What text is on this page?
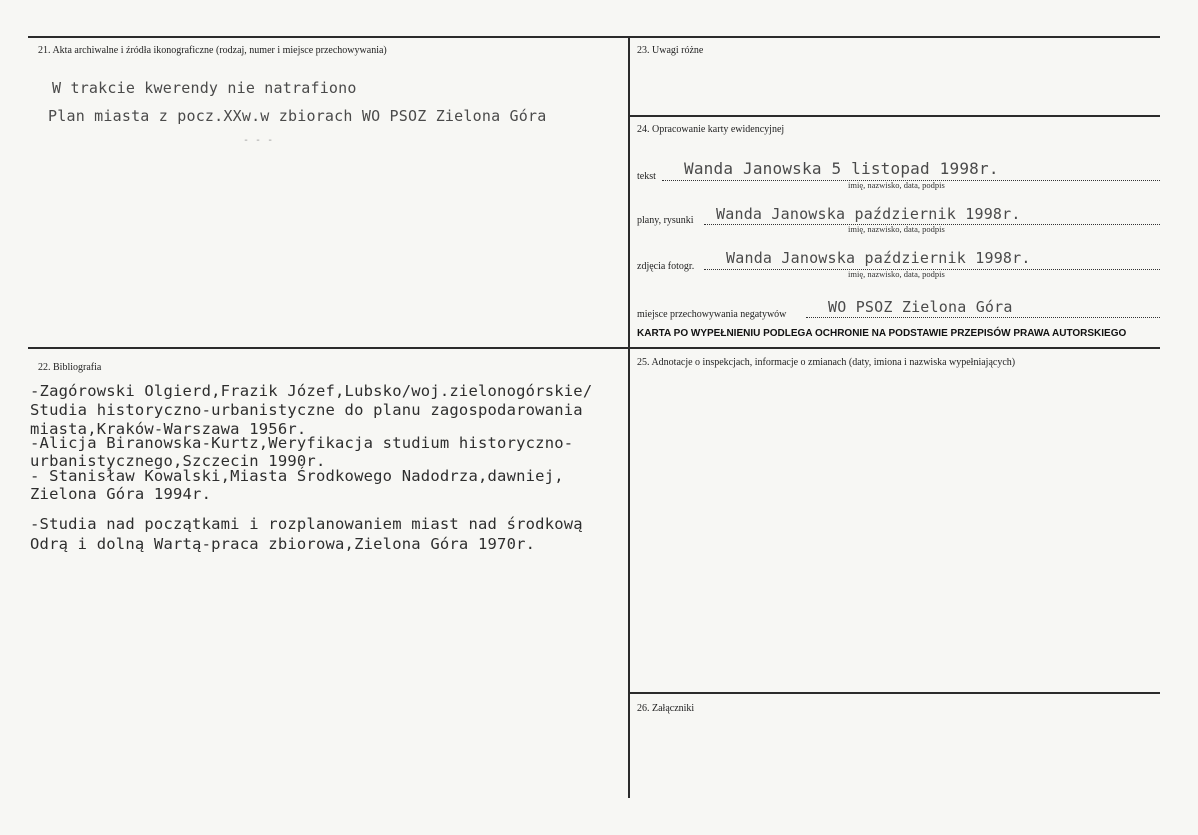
21. Akta archiwalne i źródła ikonograficzne (rodzaj, numer i miejsce przechowywania)
W trakcie kwerendy nie natrafiono
Plan miasta z pocz.XXw.w zbiorach WO PSOZ Zielona Góra
- - -
22. Bibliografia
-Zagórowski Olgierd,Frazik Józef,Lubsko/woj.zielonogórskie/
Studia historyczno-urbanistyczne do planu zagospodarowania
miasta,Kraków-Warszawa 1956r.
-Alicja Biranowska-Kurtz,Weryfikacja studium historyczno-
urbanistycznego,Szczecin 1990r.
- Stanisław Kowalski,Miasta Środkowego Nadodrza,dawniej,
Zielona Góra 1994r.
-Studia nad początkami i rozplanowaniem miast nad środkową
Odrą i dolną Wartą-praca zbiorowa,Zielona Góra 1970r.
23. Uwagi różne
24. Opracowanie karty ewidencyjnej
tekst Wanda Janowska 5 listopad 1998r.
imię, nazwisko, data, podpis
plany, rysunki Wanda Janowska październik 1998r.
imię, nazwisko, data, podpis
zdjęcia fotogr. Wanda Janowska październik 1998r.
imię, nazwisko, data, podpis
miejsce przechowywania negatywów	WO PSOZ Zielona Góra
KARTA PO WYPEŁNIENIU PODLEGA OCHRONIE NA PODSTAWIE PRZEPISÓW PRAWA AUTORSKIEGO
25. Adnotacje o inspekcjach, informacje o zmianach (daty, imiona i nazwiska wypełniających)
26. Załączniki
